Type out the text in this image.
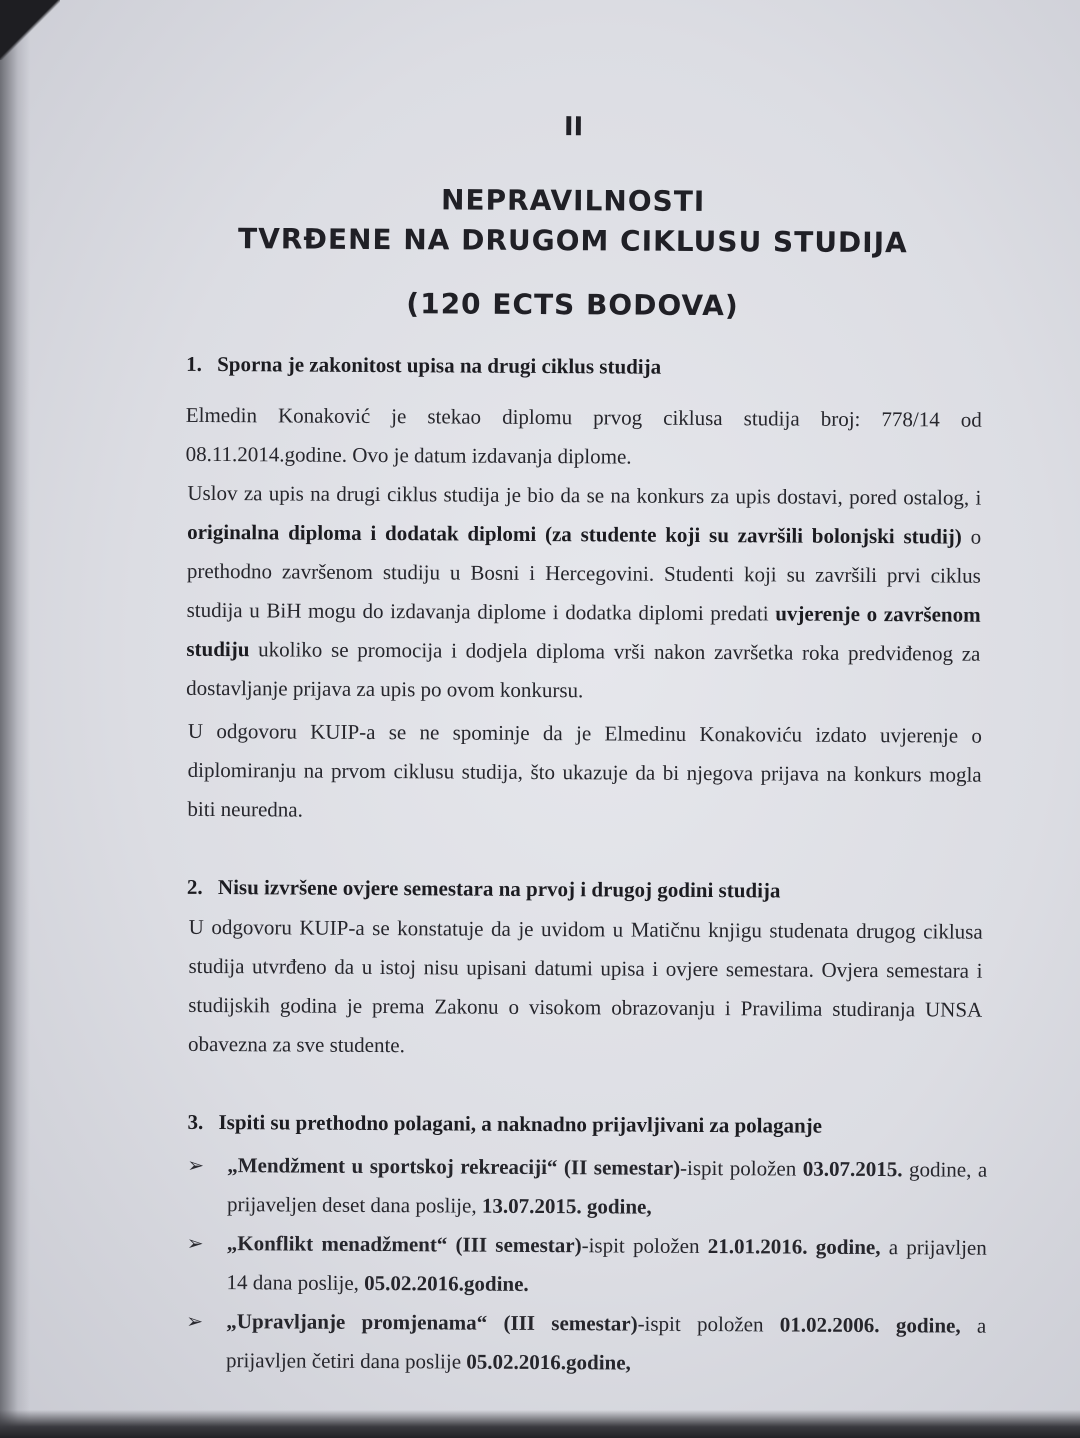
II
NEPRAVILNOSTI
TVRĐENE NA DRUGOM CIKLUSU STUDIJA
(120 ECTS BODOVA)
1. Sporna je zakonitost upisa na drugi ciklus studija
Elmedin Konaković je stekao diplomu prvog ciklusa studija broj: 778/14 od 08.11.2014.godine. Ovo je datum izdavanja diplome.
Uslov za upis na drugi ciklus studija je bio da se na konkurs za upis dostavi, pored ostalog, i originalna diploma i dodatak diplomi (za studente koji su završili bolonjski studij) o prethodno završenom studiju u Bosni i Hercegovini. Studenti koji su završili prvi ciklus studija u BiH mogu do izdavanja diplome i dodatka diplomi predati uvjerenje o završenom studiju ukoliko se promocija i dodjela diploma vrši nakon završetka roka predviđenog za dostavljanje prijava za upis po ovom konkursu.
U odgovoru KUIP-a se ne spominje da je Elmedinu Konakoviću izdato uvjerenje o diplomiranju na prvom ciklusu studija, što ukazuje da bi njegova prijava na konkurs mogla biti neuredna.
2. Nisu izvršene ovjere semestara na prvoj i drugoj godini studija
U odgovoru KUIP-a se konstatuje da je uvidom u Matičnu knjigu studenata drugog ciklusa studija utvrđeno da u istoj nisu upisani datumi upisa i ovjere semestara. Ovjera semestara i studijskih godina je prema Zakonu o visokom obrazovanju i Pravilima studiranja UNSA obavezna za sve studente.
3. Ispiti su prethodno polagani, a naknadno prijavljivani za polaganje
➢ „Mendžment u sportskoj rekreaciji“ (II semestar)-ispit položen 03.07.2015. godine, a prijaveljen deset dana poslije, 13.07.2015. godine,
➢ „Konflikt menadžment“ (III semestar)-ispit položen 21.01.2016. godine, a prijavljen 14 dana poslije, 05.02.2016.godine.
➢ „Upravljanje promjenama“ (III semestar)-ispit položen 01.02.2006. godine, a prijavljen četiri dana poslije 05.02.2016.godine,
